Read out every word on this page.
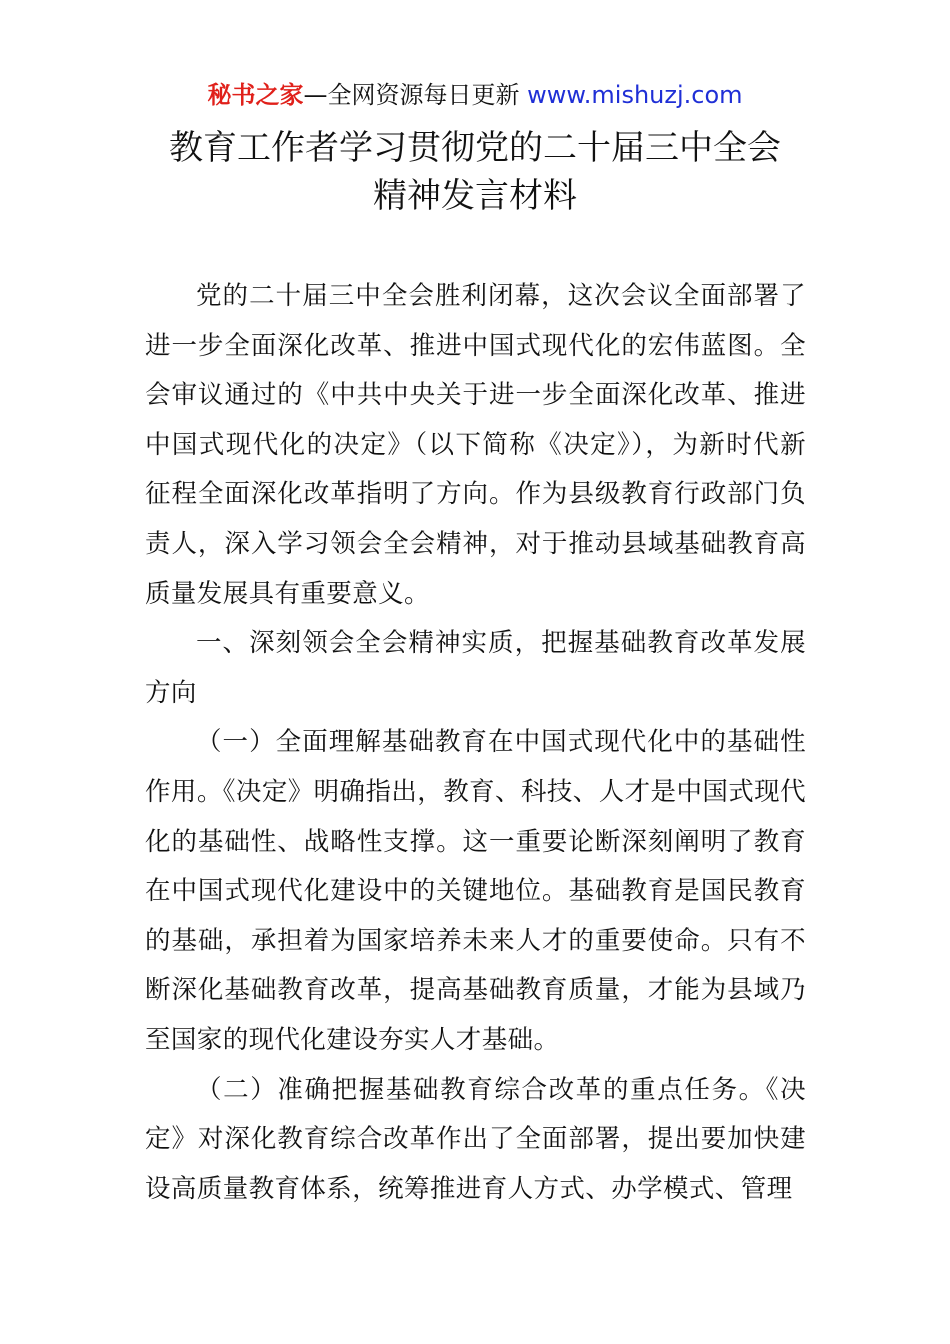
秘书之家—全网资源每日更新 www.mishuzj.com
教育工作者学习贯彻党的二十届三中全会
精神发言材料

党的二十届三中全会胜利闭幕，这次会议全面部署了进一步全面深化改革、推进中国式现代化的宏伟蓝图。全会审议通过的《中共中央关于进一步全面深化改革、推进中国式现代化的决定》（以下简称《决定》），为新时代新征程全面深化改革指明了方向。作为县级教育行政部门负责人，深入学习领会全会精神，对于推动县域基础教育高质量发展具有重要意义。

一、深刻领会全会精神实质，把握基础教育改革发展方向

（一）全面理解基础教育在中国式现代化中的基础性作用。《决定》明确指出，教育、科技、人才是中国式现代化的基础性、战略性支撑。这一重要论断深刻阐明了教育在中国式现代化建设中的关键地位。基础教育是国民教育的基础，承担着为国家培养未来人才的重要使命。只有不断深化基础教育改革，提高基础教育质量，才能为县域乃至国家的现代化建设夯实人才基础。

（二）准确把握基础教育综合改革的重点任务。《决定》对深化教育综合改革作出了全面部署，提出要加快建设高质量教育体系，统筹推进育人方式、办学模式、管理
